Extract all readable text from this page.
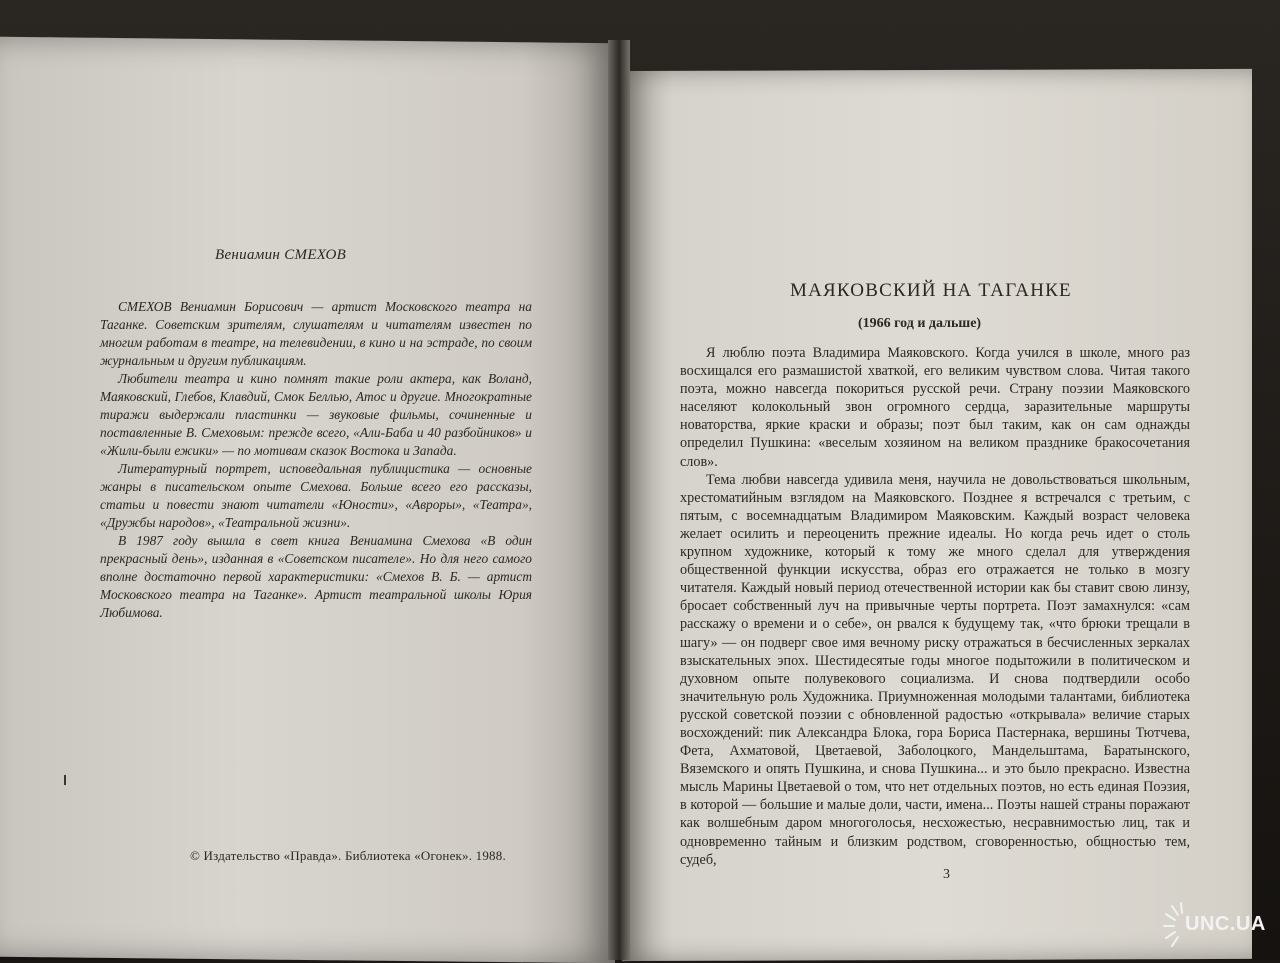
Вениамин СМЕХОВ

СМЕХОВ Вениамин Борисович — артист Московского театра на Таганке. Советским зрителям, слушателям и читателям известен по многим работам в театре, на телевидении, в кино и на эстраде, по своим журнальным и другим публикациям.

Любители театра и кино помнят такие роли актера, как Воланд, Маяковский, Глебов, Клавдий, Смок Беллью, Атос и другие. Многократные тиражи выдержали пластинки — звуковые фильмы, сочиненные и поставленные В. Смеховым: прежде всего, «Али-Баба и 40 разбойников» и «Жили-были ежики» — по мотивам сказок Востока и Запада.

Литературный портрет, исповедальная публицистика — основные жанры в писательском опыте Смехова. Больше всего его рассказы, статьи и повести знают читатели «Юности», «Авроры», «Театра», «Дружбы народов», «Театральной жизни».

В 1987 году вышла в свет книга Вениамина Смехова «В один прекрасный день», изданная в «Советском писателе». Но для него самого вполне достаточно первой характеристики: «Смехов В. Б. — артист Московского театра на Таганке». Артист театральной школы Юрия Любимова.

© Издательство «Правда». Библиотека «Огонек». 1988.
МАЯКОВСКИЙ НА ТАГАНКЕ
(1966 год и дальше)

Я люблю поэта Владимира Маяковского. Когда учился в школе, много раз восхищался его размашистой хваткой, его великим чувством слова. Читая такого поэта, можно навсегда покориться русской речи. Страну поэзии Маяковского населяют колокольный звон огромного сердца, заразительные маршруты новаторства, яркие краски и образы; поэт был таким, как он сам однажды определил Пушкина: «веселым хозяином на великом празднике бракосочетания слов».

Тема любви навсегда удивила меня, научила не довольствоваться школьным, хрестоматийным взглядом на Маяковского. Позднее я встречался с третьим, с пятым, с восемнадцатым Владимиром Маяковским. Каждый возраст человека желает осилить и переоценить прежние идеалы. Но когда речь идет о столь крупном художнике, который к тому же много сделал для утверждения общественной функции искусства, образ его отражается не только в мозгу читателя. Каждый новый период отечественной истории как бы ставит свою линзу, бросает собственный луч на привычные черты портрета. Поэт замахнулся: «сам расскажу о времени и о себе», он рвался к будущему так, «что брюки трещали в шагу» — он подверг свое имя вечному риску отражаться в бесчисленных зеркалах взыскательных эпох. Шестидесятые годы многое подытожили в политическом и духовном опыте полувекового социализма. И снова подтвердили особо значительную роль Художника. Приумноженная молодыми талантами, библиотека русской советской поэзии с обновленной радостью «открывала» величие старых восхождений: пик Александра Блока, гора Бориса Пастернака, вершины Тютчева, Фета, Ахматовой, Цветаевой, Заболоцкого, Мандельштама, Баратынского, Вяземского и опять Пушкина, и снова Пушкина... и это было прекрасно. Известна мысль Марины Цветаевой о том, что нет отдельных поэтов, но есть единая Поэзия, в которой — большие и малые доли, части, имена... Поэты нашей страны поражают как волшебным даром многоголосья, несхожестью, несравнимостью лиц, так и одновременно тайным и близким родством, сговоренностью, общностью тем, судеб,

3
UNC.UA
